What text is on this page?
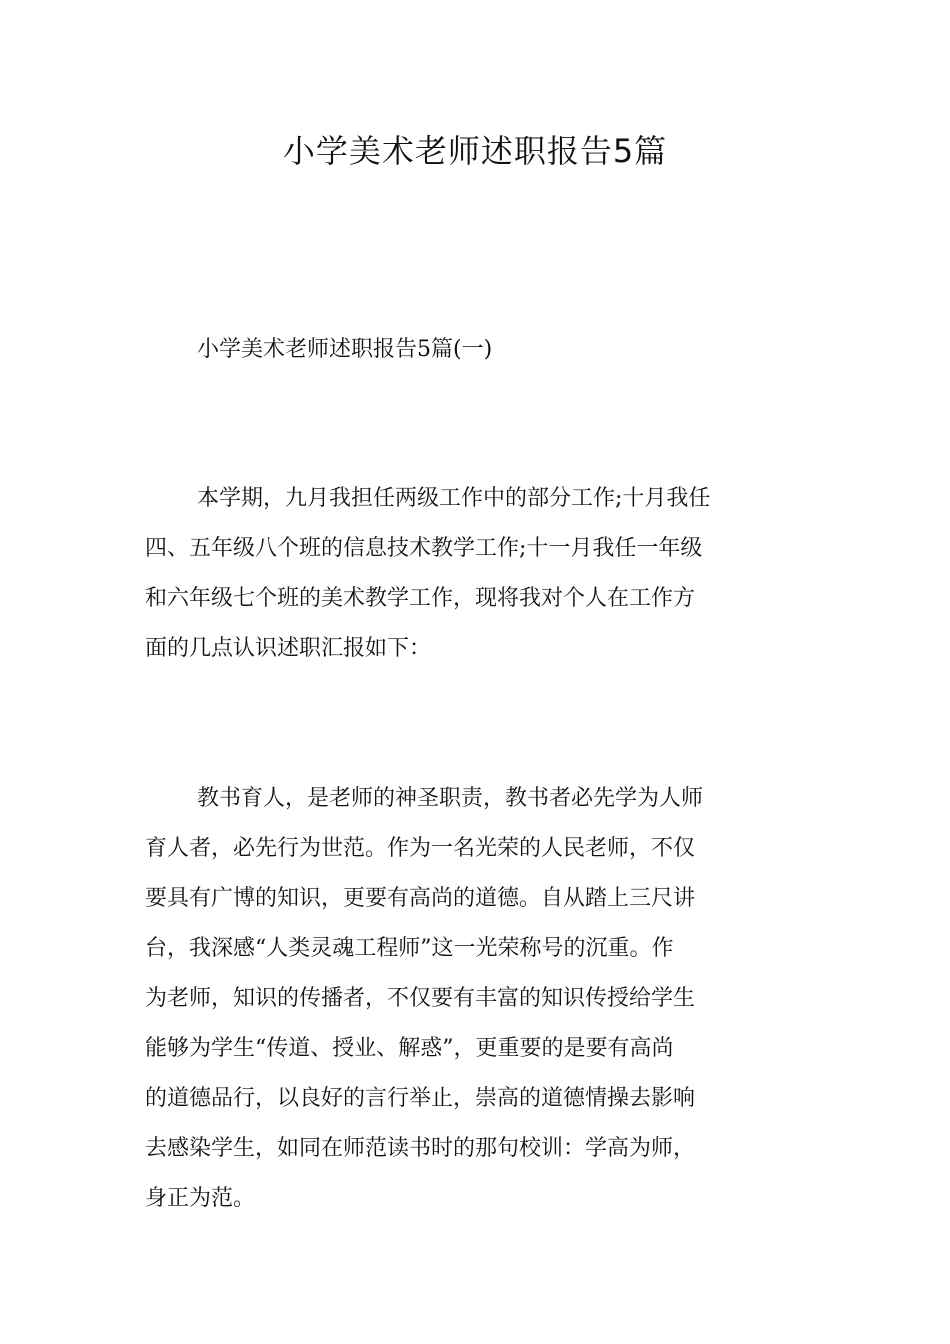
小学美术老师述职报告5篇
小学美术老师述职报告5篇(一)

本学期，九月我担任两级工作中的部分工作;十月我任
四、五年级八个班的信息技术教学工作;十一月我任一年级
和六年级七个班的美术教学工作，现将我对个人在工作方
面的几点认识述职汇报如下：

教书育人，是老师的神圣职责，教书者必先学为人师
育人者，必先行为世范。作为一名光荣的人民老师，不仅
要具有广博的知识，更要有高尚的道德。自从踏上三尺讲
台，我深感“人类灵魂工程师”这一光荣称号的沉重。作
为老师，知识的传播者，不仅要有丰富的知识传授给学生
能够为学生“传道、授业、解惑”，更重要的是要有高尚
的道德品行，以良好的言行举止，崇高的道德情操去影响
去感染学生，如同在师范读书时的那句校训：学高为师，
身正为范。
